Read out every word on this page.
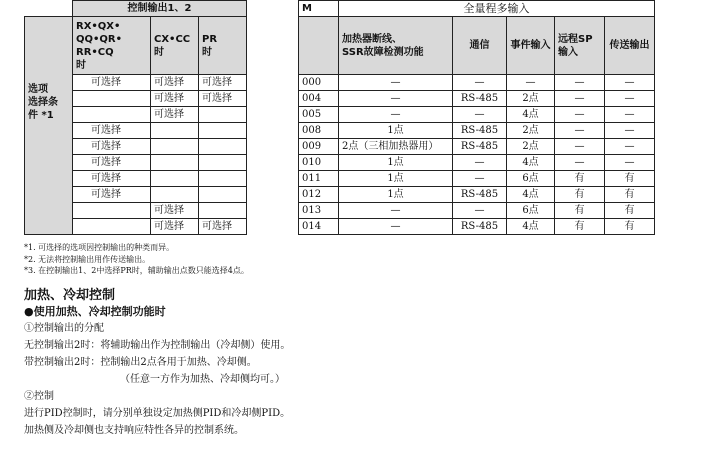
	控制输出1、2				M	全量程多输入				
	RX•QX•
QQ•QR•
RR•CQ
时	CX•CC
时	PR
时			加热器断线、
SSR故障检测功能	通信	事件输入	远程SP
输入	传送输出
选项
选择条
件 *1	可选择	可选择	可选择		000	—	—	—	—	—
		可选择	可选择		004	—	RS-485	2点	—	—
		可选择			005	—	—	4点	—	—
	可选择				008	1点	RS-485	2点	—	—
	可选择				009	2点（三相加热器用）	RS-485	2点	—	—
	可选择				010	1点	—	4点	—	—
	可选择				011	1点	—	6点	有	有
	可选择				012	1点	RS-485	4点	有	有
		可选择			013	—	—	6点	有	有
		可选择	可选择		014	—	RS-485	4点	有	有
*1. 可选择的选项因控制输出的种类而异。
*2. 无法将控制输出用作传送输出。
*3. 在控制输出1、2中选择PR时，辅助输出点数只能选择4点。
加热、冷却控制
●使用加热、冷却控制功能时
①控制输出的分配
无控制输出2时：将辅助输出作为控制输出（冷却侧）使用。
带控制输出2时：控制输出2点各用于加热、冷却侧。
（任意一方作为加热、冷却侧均可。）
②控制
进行PID控制时，请分别单独设定加热侧PID和冷却侧PID。
加热侧及冷却侧也支持响应特性各异的控制系统。
